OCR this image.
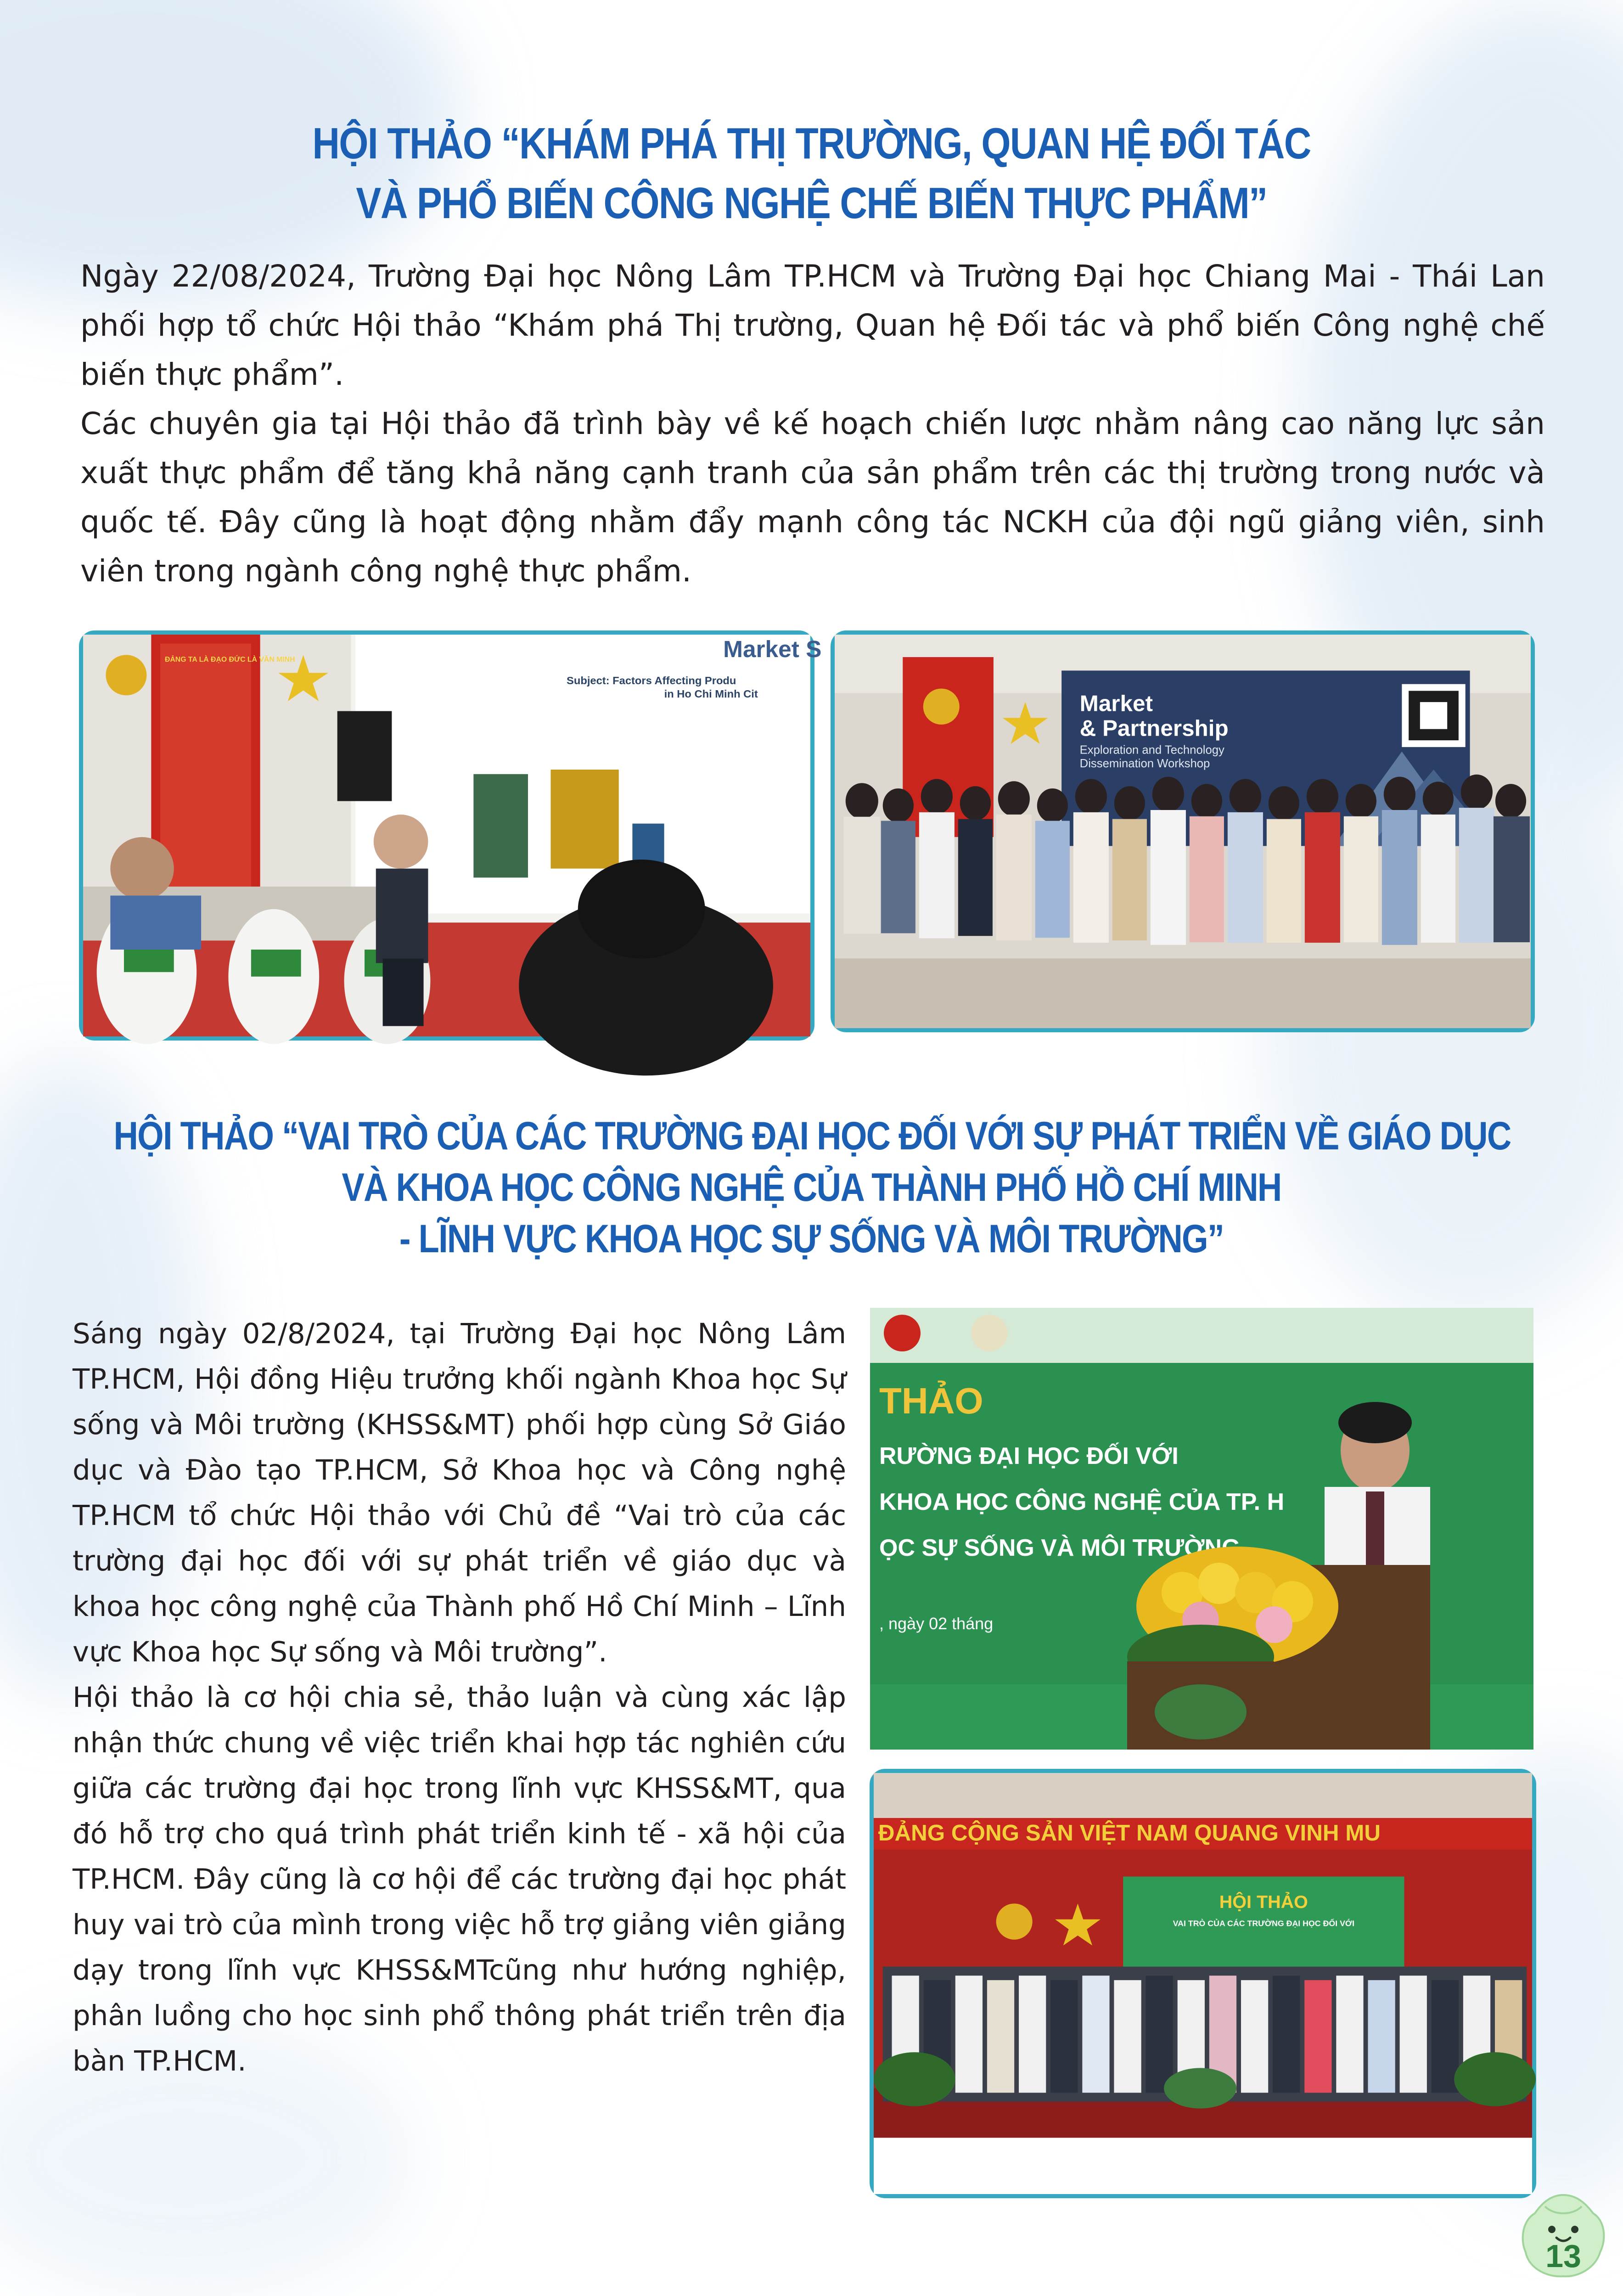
HỘI THẢO “KHÁM PHÁ THỊ TRƯỜNG, QUAN HỆ ĐỐI TÁC
VÀ PHỔ BIẾN CÔNG NGHỆ CHẾ BIẾN THỰC PHẨM”
Ngày 22/08/2024, Trường Đại học Nông Lâm TP.HCM và Trường Đại học Chiang Mai - Thái Lan phối hợp tổ chức Hội thảo “Khám phá Thị trường, Quan hệ Đối tác và phổ biến Công nghệ chế biến thực phẩm”.
Các chuyên gia tại Hội thảo đã trình bày về kế hoạch chiến lược nhằm nâng cao năng lực sản xuất thực phẩm để tăng khả năng cạnh tranh của sản phẩm trên các thị trường trong nước và quốc tế. Đây cũng là hoạt động nhằm đẩy mạnh công tác NCKH của đội ngũ giảng viên, sinh viên trong ngành công nghệ thực phẩm.
Market S
Subject: Factors Affecting Produ
in Ho Chi Minh Cit
ĐẢNG TA LÀ ĐẠO ĐỨC LÀ VĂN MINH
Market
& Partnership
Exploration and Technology
Dissemination Workshop
HỘI THẢO “VAI TRÒ CỦA CÁC TRƯỜNG ĐẠI HỌC ĐỐI VỚI SỰ PHÁT TRIỂN VỀ GIÁO DỤC
VÀ KHOA HỌC CÔNG NGHỆ CỦA THÀNH PHỐ HỒ CHÍ MINH
- LĨNH VỰC KHOA HỌC SỰ SỐNG VÀ MÔI TRƯỜNG”
Sáng ngày 02/8/2024, tại Trường Đại học Nông Lâm TP.HCM, Hội đồng Hiệu trưởng khối ngành Khoa học Sự sống và Môi trường (KHSS&MT) phối hợp cùng Sở Giáo dục và Đào tạo TP.HCM, Sở Khoa học và Công nghệ TP.HCM tổ chức Hội thảo với Chủ đề “Vai trò của các trường đại học đối với sự phát triển về giáo dục và khoa học công nghệ của Thành phố Hồ Chí Minh – Lĩnh vực Khoa học Sự sống và Môi trường”.
Hội thảo là cơ hội chia sẻ, thảo luận và cùng xác lập nhận thức chung về việc triển khai hợp tác nghiên cứu giữa các trường đại học trong lĩnh vực KHSS&MT, qua đó hỗ trợ cho quá trình phát triển kinh tế - xã hội của TP.HCM. Đây cũng là cơ hội để các trường đại học phát huy vai trò của mình trong việc hỗ trợ giảng viên giảng dạy trong lĩnh vực KHSS&MTcũng như hướng nghiệp, phân luồng cho học sinh phổ thông phát triển trên địa bàn TP.HCM.
THẢO
RƯỜNG ĐẠI HỌC ĐỐI VỚI
KHOA HỌC CÔNG NGHỆ CỦA TP. H
ỌC SỰ SỐNG VÀ MÔI TRƯỜNG
, ngày 02 tháng
ĐẢNG CỘNG SẢN VIỆT NAM QUANG VINH MU
HỘI THẢO
VAI TRÒ CỦA CÁC TRƯỜNG ĐẠI HỌC ĐỐI VỚI
13
